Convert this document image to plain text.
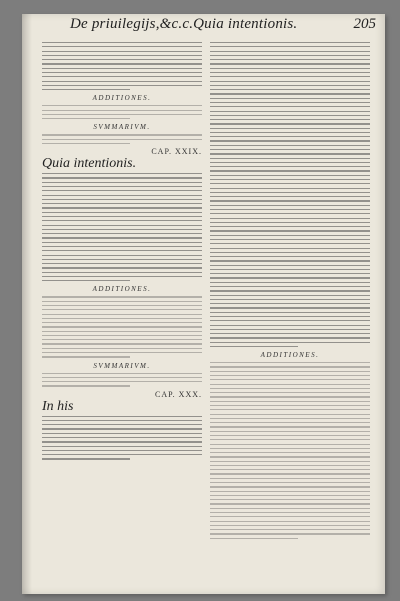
De priuilegijs,&c.c.Quia intentionis.	205
ADDITIONES.
SVMMARIVM.
CAP. XXIX.
Quia intentionis.
ADDITIONES.
SVMMARIVM.
CAP. XXX.
In his
ADDITIONES.
